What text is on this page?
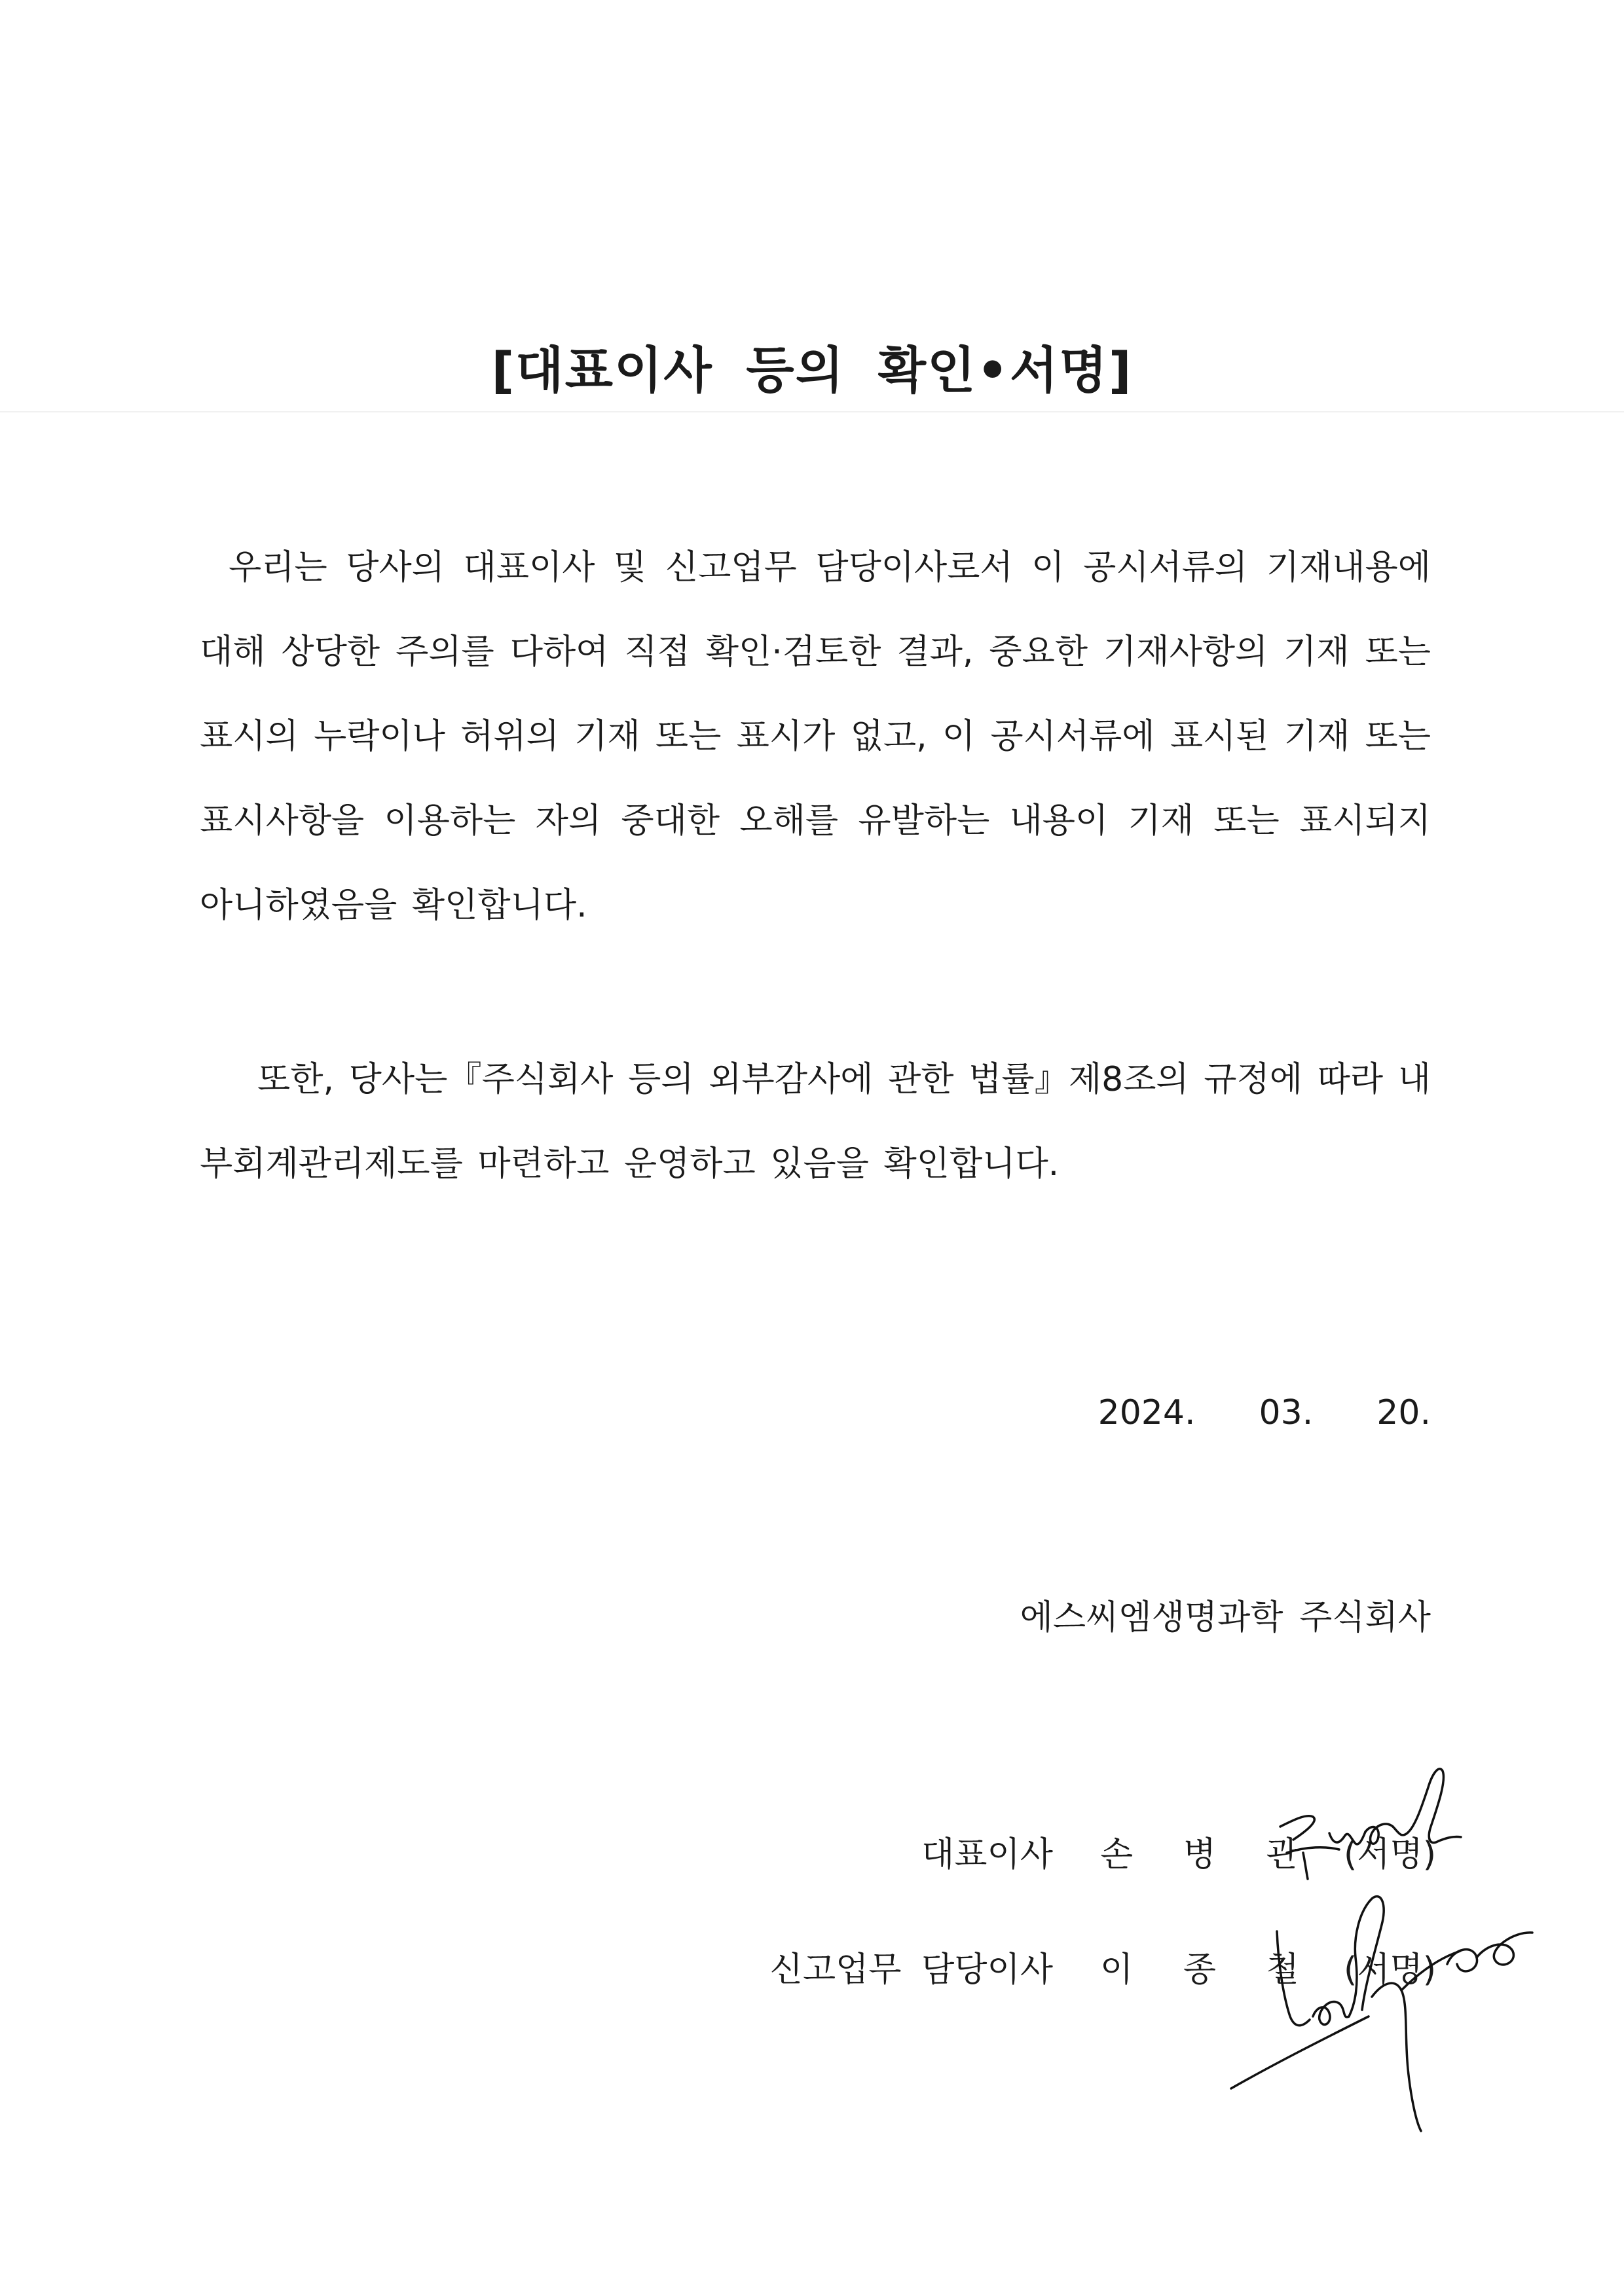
[대표이사 등의 확인•서명]
우리는 당사의 대표이사 및 신고업무 담당이사로서 이 공시서류의 기재내용에 대해 상당한 주의를 다하여 직접 확인·검토한 결과, 중요한 기재사항의 기재 또는 표시의 누락이나 허위의 기재 또는 표시가 없고, 이 공시서류에 표시된 기재 또는 표시사항을 이용하는 자의 중대한 오해를 유발하는 내용이 기재 또는 표시되지 아니하였음을 확인합니다.
또한, 당사는『주식회사 등의 외부감사에 관한 법률』제8조의 규정에 따라 내부회계관리제도를 마련하고 운영하고 있음을 확인합니다.
2024.  03.  20.
에스씨엠생명과학 주식회사
대표이사 손 병 관 (서명)
신고업무 담당이사 이 종 철 (서명)
